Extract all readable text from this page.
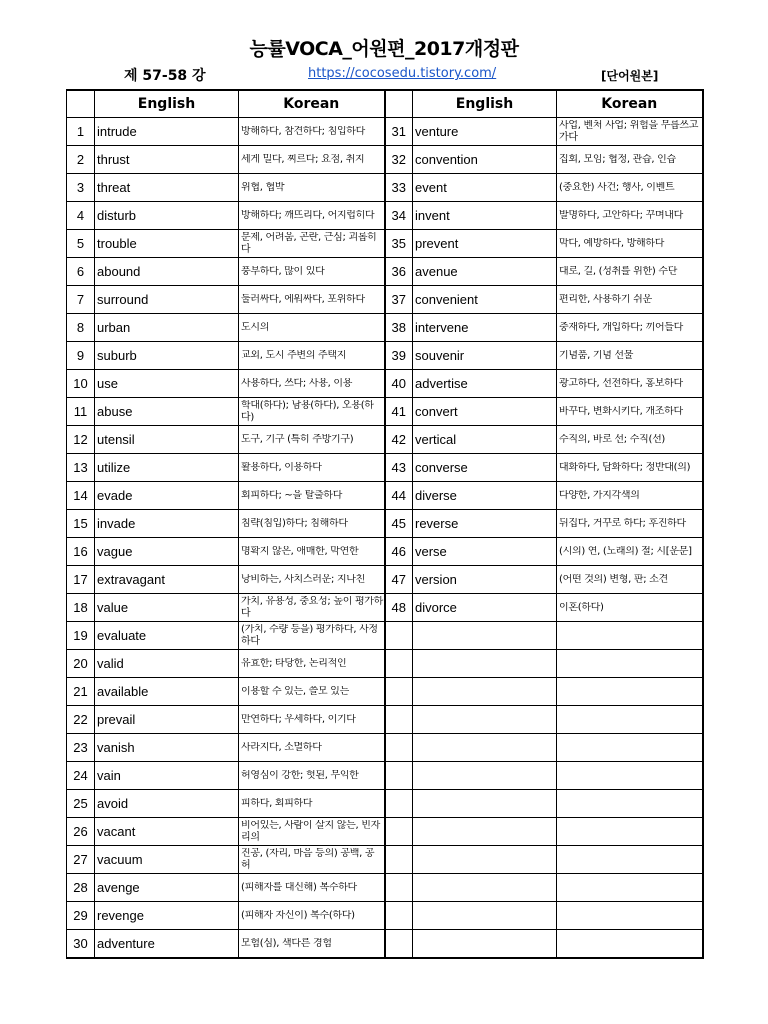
능률VOCA_어원편_2017개정판
제 57-58 강	https://cocosedu.tistory.com/	[단어원본]
	English	Korean		English	Korean
1	intrude	방해하다, 참견하다; 침입하다	31	venture	사업, 벤처 사업; 위험을 무릅쓰고 가다

2	thrust	세게 밀다, 찌르다; 요점, 취지	32	convention	집회, 모임; 협정, 관습, 인습

3	threat	위협, 협박	33	event	(중요한) 사건; 행사, 이벤트

4	disturb	방해하다; 깨뜨리다, 어지럽히다	34	invent	발명하다, 고안하다; 꾸며내다

5	trouble	문제, 어려움, 곤란, 근심; 괴롭히다	35	prevent	막다, 예방하다, 방해하다

6	abound	풍부하다, 많이 있다	36	avenue	대로, 길, (성취를 위한) 수단

7	surround	둘러싸다, 에워싸다, 포위하다	37	convenient	편리한, 사용하기 쉬운

8	urban	도시의	38	intervene	중재하다, 개입하다; 끼어들다

9	suburb	교외, 도시 주변의 주택지	39	souvenir	기념품, 기념 선물

10	use	사용하다, 쓰다; 사용, 이용	40	advertise	광고하다, 선전하다, 홍보하다

11	abuse	학대(하다); 남용(하다), 오용(하다)	41	convert	바꾸다, 변화시키다, 개조하다

12	utensil	도구, 기구 (특히 주방기구)	42	vertical	수직의, 바로 선; 수직(선)

13	utilize	활용하다, 이용하다	43	converse	대화하다, 담화하다; 정반대(의)

14	evade	회피하다; ~을 탈출하다	44	diverse	다양한, 가지각색의

15	invade	침략(침입)하다; 침해하다	45	reverse	뒤집다, 거꾸로 하다; 후진하다

16	vague	명확지 않은, 애매한, 막연한	46	verse	(시의) 연, (노래의) 절; 시[운문]

17	extravagant	낭비하는, 사치스러운; 지나친	47	version	(어떤 것의) 변형, 판; 소견

18	value	가치, 유용성, 중요성; 높이 평가하다	48	divorce	이혼(하다)

19	evaluate	(가치, 수량 등을) 평가하다, 사정하다			

20	valid	유효한; 타당한, 논리적인			

21	available	이용할 수 있는, 쓸모 있는			

22	prevail	만연하다; 우세하다, 이기다			

23	vanish	사라지다, 소멸하다			

24	vain	허영심이 강한; 헛된, 무익한			

25	avoid	피하다, 회피하다			

26	vacant	비어있는, 사람이 살지 않는, 빈자리의			

27	vacuum	진공, (자리, 마음 등의) 공백, 공허			

28	avenge	(피해자를 대신해) 복수하다			

29	revenge	(피해자 자신이) 복수(하다)			

30	adventure	모험(심), 색다른 경험			
